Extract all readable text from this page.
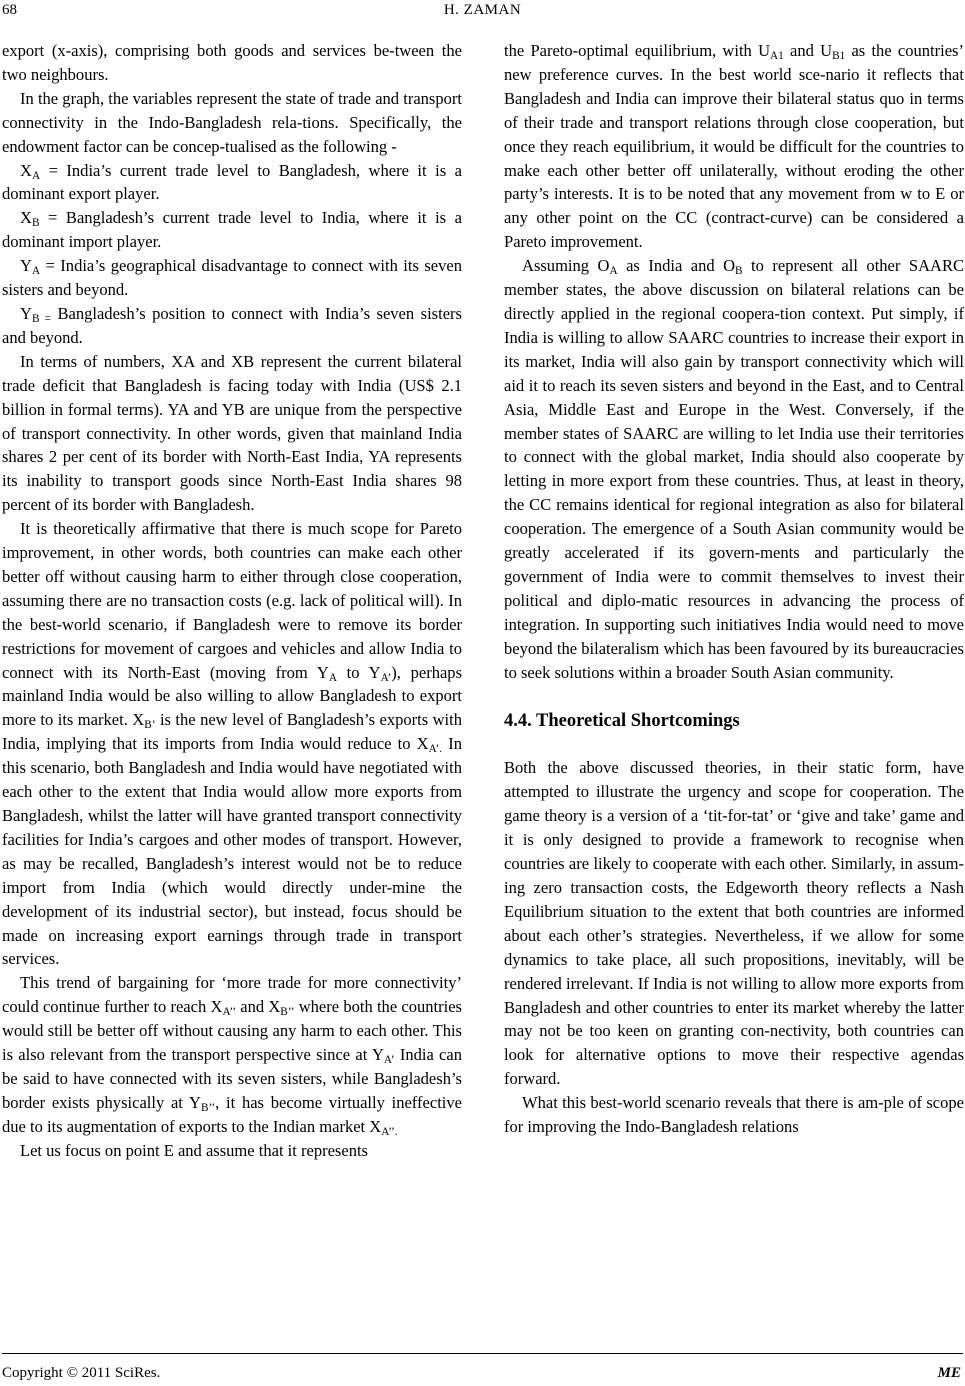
68	H. ZAMAN

export (x-axis), comprising both goods and services be-tween the two neighbours.

In the graph, the variables represent the state of trade and transport connectivity in the Indo-Bangladesh rela-tions. Specifically, the endowment factor can be concep-tualised as the following -

$X_A$ = India’s current trade level to Bangladesh, where it is a dominant export player.

$X_B$ = Bangladesh’s current trade level to India, where it is a dominant import player.

$Y_A$ = India’s geographical disadvantage to connect with its seven sisters and beyond.

$Y_{B =}$ Bangladesh’s position to connect with India’s seven sisters and beyond.

In terms of numbers, XA and XB represent the current bilateral trade deficit that Bangladesh is facing today with India (US$ 2.1 billion in formal terms). YA and YB are unique from the perspective of transport connectivity. In other words, given that mainland India shares 2 per cent of its border with North-East India, YA represents its inability to transport goods since North-East India shares 98 percent of its border with Bangladesh.

It is theoretically affirmative that there is much scope for Pareto improvement, in other words, both countries can make each other better off without causing harm to either through close cooperation, assuming there are no transaction costs (e.g. lack of political will). In the best-world scenario, if Bangladesh were to remove its border restrictions for movement of cargoes and vehicles and allow India to connect with its North-East (moving from $Y_A$ to $Y_{A’}$), perhaps mainland India would be also willing to allow Bangladesh to export more to its market. $X_{B’}$ is the new level of Bangladesh’s exports with India, implying that its imports from India would reduce to $X_{A’.}$ In this scenario, both Bangladesh and India would have negotiated with each other to the extent that India would allow more exports from Bangladesh, whilst the latter will have granted transport connectivity facilities for India’s cargoes and other modes of transport. However, as may be recalled, Bangladesh’s interest would not be to reduce import from India (which would directly under-mine the development of its industrial sector), but instead, focus should be made on increasing export earnings through trade in transport services.

This trend of bargaining for ‘more trade for more connectivity’ could continue further to reach $X_{A’’}$ and $X_{B’’}$ where both the countries would still be better off without causing any harm to each other. This is also relevant from the transport perspective since at $Y_{A’}$ India can be said to have connected with its seven sisters, while Bangladesh’s border exists physically at $Y_{B’’}$, it has become virtually ineffective due to its augmentation of exports to the Indian market $X_{A’’.}$

Let us focus on point E and assume that it represents

the Pareto-optimal equilibrium, with $U_{A1}$ and $U_{B1}$ as the countries’ new preference curves. In the best world sce-nario it reflects that Bangladesh and India can improve their bilateral status quo in terms of their trade and transport relations through close cooperation, but once they reach equilibrium, it would be difficult for the countries to make each other better off unilaterally, without eroding the other party’s interests. It is to be noted that any movement from w to E or any other point on the CC (contract-curve) can be considered a Pareto improvement.

Assuming $O_A$ as India and $O_B$ to represent all other SAARC member states, the above discussion on bilateral relations can be directly applied in the regional coopera-tion context. Put simply, if India is willing to allow SAARC countries to increase their export in its market, India will also gain by transport connectivity which will aid it to reach its seven sisters and beyond in the East, and to Central Asia, Middle East and Europe in the West. Conversely, if the member states of SAARC are willing to let India use their territories to connect with the global market, India should also cooperate by letting in more export from these countries. Thus, at least in theory, the CC remains identical for regional integration as also for bilateral cooperation. The emergence of a South Asian community would be greatly accelerated if its govern-ments and particularly the government of India were to commit themselves to invest their political and diplo-matic resources in advancing the process of integration. In supporting such initiatives India would need to move beyond the bilateralism which has been favoured by its bureaucracies to seek solutions within a broader South Asian community.

4.4. Theoretical Shortcomings

Both the above discussed theories, in their static form, have attempted to illustrate the urgency and scope for cooperation. The game theory is a version of a ‘tit-for-tat’ or ‘give and take’ game and it is only designed to provide a framework to recognise when countries are likely to cooperate with each other. Similarly, in assum-ing zero transaction costs, the Edgeworth theory reflects a Nash Equilibrium situation to the extent that both countries are informed about each other’s strategies. Nevertheless, if we allow for some dynamics to take place, all such propositions, inevitably, will be rendered irrelevant. If India is not willing to allow more exports from Bangladesh and other countries to enter its market whereby the latter may not be too keen on granting con-nectivity, both countries can look for alternative options to move their respective agendas forward.

What this best-world scenario reveals that there is am-ple of scope for improving the Indo-Bangladesh relations

Copyright © 2011 SciRes.	ME
